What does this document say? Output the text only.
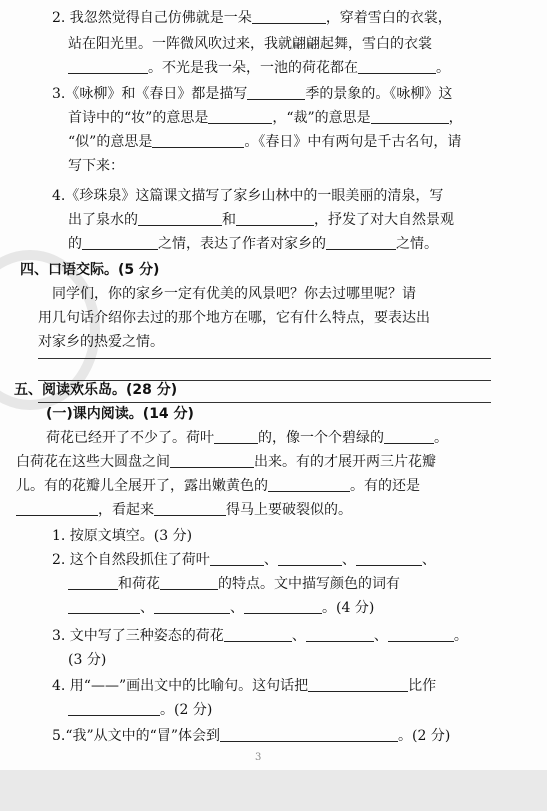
2. 我忽然觉得自己仿佛就是一朵	，穿着雪白的衣裳，
站在阳光里。一阵微风吹过来，我就翩翩起舞，雪白的衣裳
。不光是我一朵，一池的荷花都在	。
3.《咏柳》和《春日》都是描写	季的景象的。《咏柳》这
首诗中的“妆”的意思是	，“裁”的意思是	，
“似”的意思是	。《春日》中有两句是千古名句，请
写下来：
4.《珍珠泉》这篇课文描写了家乡山林中的一眼美丽的清泉，写
出了泉水的	和	，抒发了对大自然景观
的	之情，表达了作者对家乡的	之情。
四、口语交际。(5 分)
同学们，你的家乡一定有优美的风景吧？你去过哪里呢？请
用几句话介绍你去过的那个地方在哪，它有什么特点，要表达出
对家乡的热爱之情。
五、阅读欢乐岛。(28 分)
(一)课内阅读。(14 分)
荷花已经开了不少了。荷叶	的，像一个个碧绿的	。
白荷花在这些大圆盘之间	出来。有的才展开两三片花瓣
儿。有的花瓣儿全展开了，露出嫩黄色的	。有的还是
，看起来	得马上要破裂似的。
1. 按原文填空。(3 分)
2. 这个自然段抓住了荷叶	、	、	、
和荷花	的特点。文中描写颜色的词有
、	、	。(4 分)
3. 文中写了三种姿态的荷花	、	、	。
(3 分)
4. 用“——”画出文中的比喻句。这句话把	比作
。(2 分)
5.“我”从文中的“冒”体会到	。(2 分)
3
